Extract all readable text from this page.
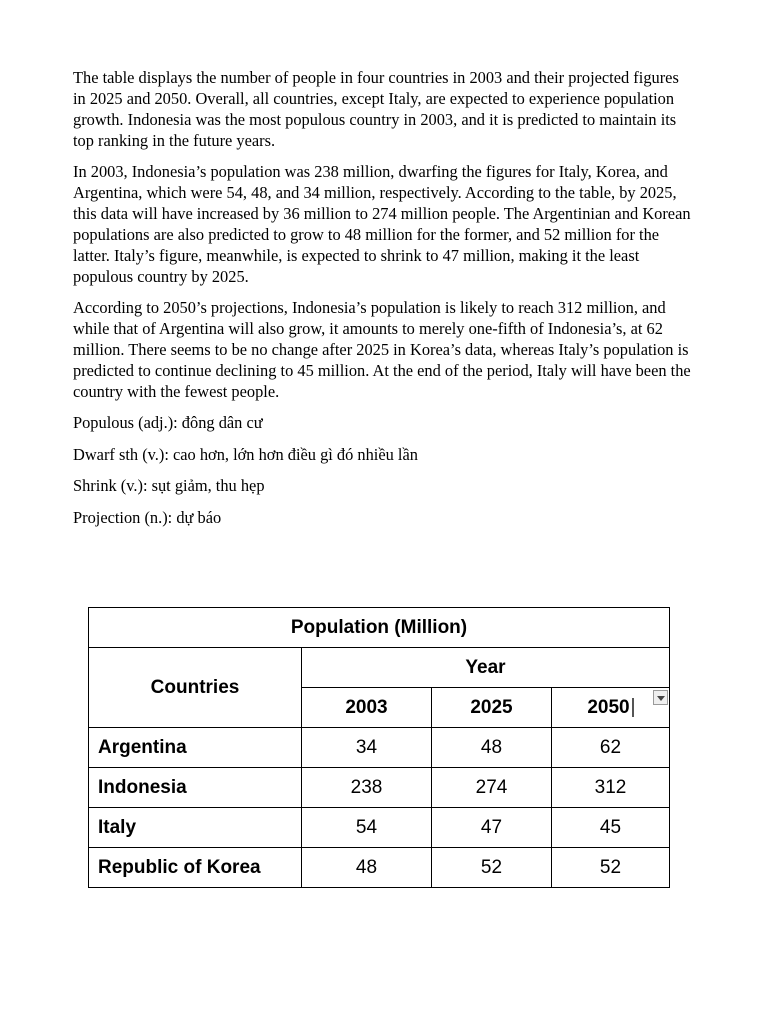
The table displays the number of people in four countries in 2003 and their projected figures in 2025 and 2050. Overall, all countries, except Italy, are expected to experience population growth. Indonesia was the most populous country in 2003, and it is predicted to maintain its top ranking in the future years.

In 2003, Indonesia’s population was 238 million, dwarfing the figures for Italy, Korea, and Argentina, which were 54, 48, and 34 million, respectively. According to the table, by 2025, this data will have increased by 36 million to 274 million people. The Argentinian and Korean populations are also predicted to grow to 48 million for the former, and 52 million for the latter. Italy’s figure, meanwhile, is expected to shrink to 47 million, making it the least populous country by 2025.

According to 2050’s projections, Indonesia’s population is likely to reach 312 million, and while that of Argentina will also grow, it amounts to merely one-fifth of Indonesia’s, at 62 million. There seems to be no change after 2025 in Korea’s data, whereas Italy’s population is predicted to continue declining to 45 million. At the end of the period, Italy will have been the country with the fewest people.

Populous (adj.): đông dân cư

Dwarf sth (v.): cao hơn, lớn hơn điều gì đó nhiều lần

Shrink (v.): sụt giảm, thu hẹp

Projection (n.): dự báo

Population (Million)			
Countries	Year		
	2003	2025	2050

Argentina	34	48	62
Indonesia	238	274	312
Italy	54	47	45
Republic of Korea	48	52	52
